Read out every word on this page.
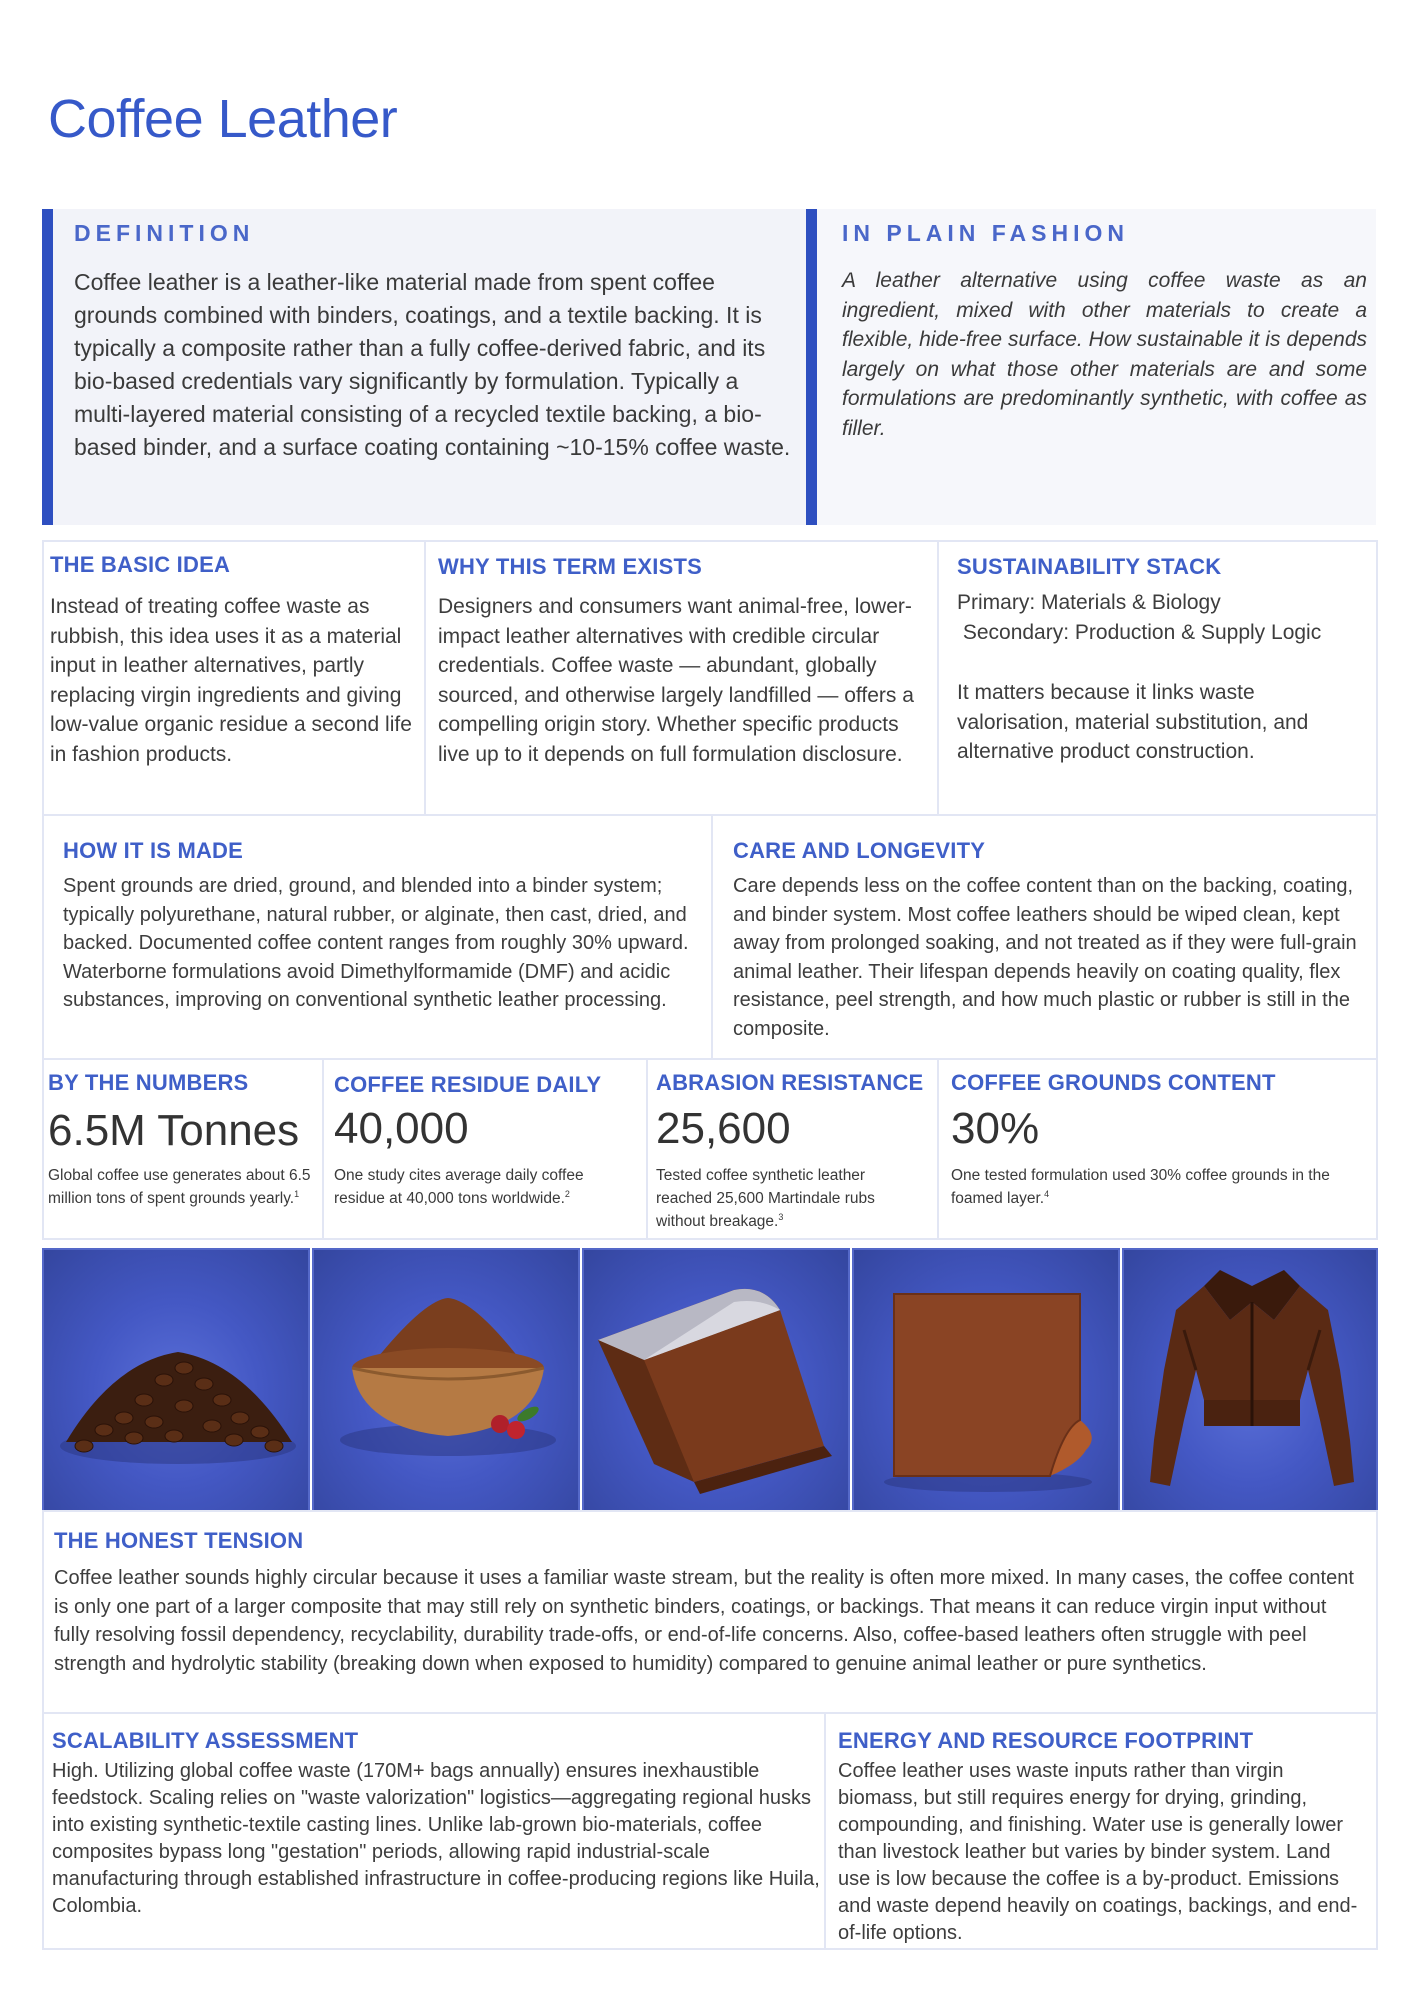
Coffee Leather
DEFINITION
Coffee leather is a leather-like material made from spent coffee grounds combined with binders, coatings, and a textile backing. It is typically a composite rather than a fully coffee-derived fabric, and its bio-based credentials vary significantly by formulation. Typically a multi-layered material consisting of a recycled textile backing, a bio-based binder, and a surface coating containing ~10-15% coffee waste.
IN PLAIN FASHION
A leather alternative using coffee waste as an ingredient, mixed with other materials to create a flexible, hide-free surface. How sustainable it is depends largely on what those other materials are and some formulations are predominantly synthetic, with coffee as filler.
THE BASIC IDEA
Instead of treating coffee waste as rubbish, this idea uses it as a material input in leather alternatives, partly replacing virgin ingredients and giving low-value organic residue a second life in fashion products.
WHY THIS TERM EXISTS
Designers and consumers want animal-free, lower-impact leather alternatives with credible circular credentials. Coffee waste — abundant, globally sourced, and otherwise largely landfilled — offers a compelling origin story. Whether specific products live up to it depends on full formulation disclosure.
SUSTAINABILITY STACK
Primary: Materials & Biology
Secondary: Production & Supply Logic
It matters because it links waste valorisation, material substitution, and alternative product construction.
HOW IT IS MADE
Spent grounds are dried, ground, and blended into a binder system; typically polyurethane, natural rubber, or alginate, then cast, dried, and backed. Documented coffee content ranges from roughly 30% upward. Waterborne formulations avoid Dimethylformamide (DMF) and acidic substances, improving on conventional synthetic leather processing.
CARE AND LONGEVITY
Care depends less on the coffee content than on the backing, coating, and binder system. Most coffee leathers should be wiped clean, kept away from prolonged soaking, and not treated as if they were full-grain animal leather. Their lifespan depends heavily on coating quality, flex resistance, peel strength, and how much plastic or rubber is still in the composite.
BY THE NUMBERS
6.5M Tonnes
Global coffee use generates about 6.5 million tons of spent grounds yearly.$^1$
COFFEE RESIDUE DAILY
40,000
One study cites average daily coffee residue at 40,000 tons worldwide.$^2$
ABRASION RESISTANCE
25,600
Tested coffee synthetic leather reached 25,600 Martindale rubs without breakage.$^3$
COFFEE GROUNDS CONTENT
30%
One tested formulation used 30% coffee grounds in the foamed layer.$^4$
THE HONEST TENSION
Coffee leather sounds highly circular because it uses a familiar waste stream, but the reality is often more mixed. In many cases, the coffee content is only one part of a larger composite that may still rely on synthetic binders, coatings, or backings. That means it can reduce virgin input without fully resolving fossil dependency, recyclability, durability trade-offs, or end-of-life concerns. Also, coffee-based leathers often struggle with peel strength and hydrolytic stability (breaking down when exposed to humidity) compared to genuine animal leather or pure synthetics.
SCALABILITY ASSESSMENT
High. Utilizing global coffee waste (170M+ bags annually) ensures inexhaustible feedstock. Scaling relies on "waste valorization" logistics—aggregating regional husks into existing synthetic-textile casting lines. Unlike lab-grown bio-materials, coffee composites bypass long "gestation" periods, allowing rapid industrial-scale manufacturing through established infrastructure in coffee-producing regions like Huila, Colombia.
ENERGY AND RESOURCE FOOTPRINT
Coffee leather uses waste inputs rather than virgin biomass, but still requires energy for drying, grinding, compounding, and finishing. Water use is generally lower than livestock leather but varies by binder system. Land use is low because the coffee is a by-product. Emissions and waste depend heavily on coatings, backings, and end-of-life options.
